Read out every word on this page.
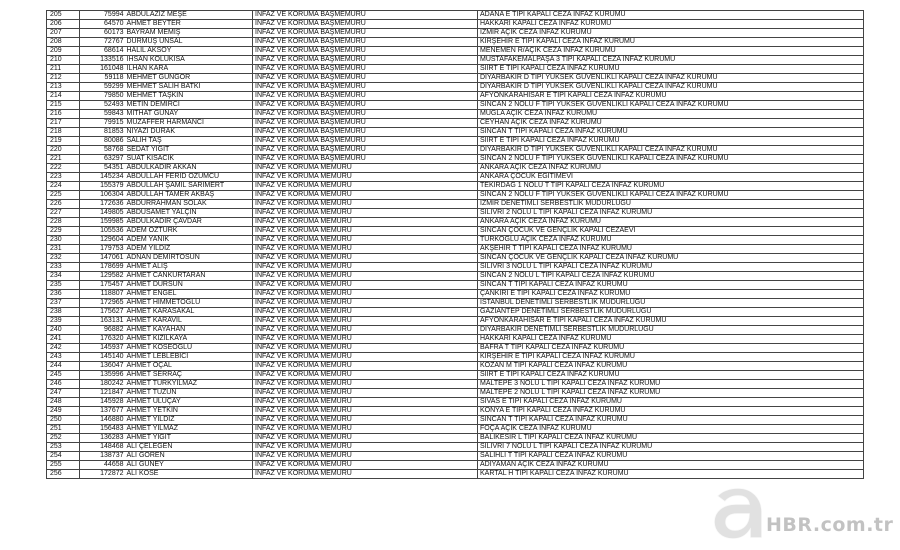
205	75994	ABDULAZİZ MEŞE	İNFAZ VE KORUMA BAŞMEMURU	ADANA E TİPİ KAPALI CEZA İNFAZ KURUMU
206	64570	AHMET BEYTER	İNFAZ VE KORUMA BAŞMEMURU	HAKKARİ KAPALI CEZA İNFAZ KURUMU
207	60173	BAYRAM MEMİŞ	İNFAZ VE KORUMA BAŞMEMURU	İZMİR AÇIK CEZA İNFAZ KURUMU
208	72767	DURMUŞ ÜNSAL	İNFAZ VE KORUMA BAŞMEMURU	KIRŞEHİR E TİPİ KAPALI CEZA İNFAZ KURUMU
209	68614	HALİL AKSOY	İNFAZ VE KORUMA BAŞMEMURU	MENEMEN R/AÇIK CEZA İNFAZ KURUMU
210	133516	İHSAN KOLUKISA	İNFAZ VE KORUMA BAŞMEMURU	MUSTAFAKEMALPAŞA 3 TİPİ KAPALI CEZA İNFAZ KURUMU
211	161048	İLHAN KARA	İNFAZ VE KORUMA BAŞMEMURU	SİİRT E TİPİ KAPALI CEZA İNFAZ KURUMU
212	59118	MEHMET GÜNGÖR	İNFAZ VE KORUMA BAŞMEMURU	DİYARBAKIR D TİPİ YÜKSEK GÜVENLİKLİ KAPALI CEZA İNFAZ KURUMU
213	59299	MEHMET SALİH BATKI	İNFAZ VE KORUMA BAŞMEMURU	DİYARBAKIR D TİPİ YÜKSEK GÜVENLİKLİ KAPALI CEZA İNFAZ KURUMU
214	79850	MEHMET TAŞKIN	İNFAZ VE KORUMA BAŞMEMURU	AFYONKARAHİSAR E TİPİ KAPALI CEZA İNFAZ KURUMU
215	52493	METİN DEMİRCİ	İNFAZ VE KORUMA BAŞMEMURU	SİNCAN 2 NOLU F TİPİ YÜKSEK GÜVENLİKLİ KAPALI CEZA İNFAZ KURUMU
216	59843	MİTHAT GÜNAY	İNFAZ VE KORUMA BAŞMEMURU	MUĞLA AÇIK CEZA İNFAZ KURUMU
217	79915	MUZAFFER HARMANCI	İNFAZ VE KORUMA BAŞMEMURU	CEYHAN AÇIK CEZA İNFAZ KURUMU
218	81853	NİYAZİ DURAK	İNFAZ VE KORUMA BAŞMEMURU	SİNCAN T TİPİ KAPALI CEZA İNFAZ KURUMU
219	80086	SALİH TAŞ	İNFAZ VE KORUMA BAŞMEMURU	SİİRT E TİPİ KAPALI CEZA İNFAZ KURUMU
220	58768	SEDAT YİĞİT	İNFAZ VE KORUMA BAŞMEMURU	DİYARBAKIR D TİPİ YÜKSEK GÜVENLİKLİ KAPALI CEZA İNFAZ KURUMU
221	63297	SUAT KISACIK	İNFAZ VE KORUMA BAŞMEMURU	SİNCAN 2 NOLU F TİPİ YÜKSEK GÜVENLİKLİ KAPALI CEZA İNFAZ KURUMU
222	54351	ABDULKADİR AKKAN	İNFAZ VE KORUMA MEMURU	ANKARA AÇIK CEZA İNFAZ KURUMU
223	145234	ABDULLAH FERİD ÖZÜMCÜ	İNFAZ VE KORUMA MEMURU	ANKARA ÇOCUK EĞİTİMEVİ
224	155379	ABDULLAH ŞAMİL SARIMERT	İNFAZ VE KORUMA MEMURU	TEKİRDAĞ 1 NOLU T TİPİ KAPALI CEZA İNFAZ KURUMU
225	106304	ABDULLAH TAMER AKBAŞ	İNFAZ VE KORUMA MEMURU	SİNCAN 2 NOLU F TİPİ YÜKSEK GÜVENLİKLİ KAPALI CEZA İNFAZ KURUMU
226	172636	ABDURRAHMAN SOLAK	İNFAZ VE KORUMA MEMURU	İZMİR DENETİMLİ SERBESTLİK MÜDÜRLÜĞÜ
227	149805	ABDUSAMET YALÇIN	İNFAZ VE KORUMA MEMURU	SİLİVRİ 2 NOLU L TİPİ KAPALI CEZA İNFAZ KURUMU
228	159985	ABDÜLKADİR ÇAVDAR	İNFAZ VE KORUMA MEMURU	ANKARA AÇIK CEZA İNFAZ KURUMU
229	105536	ADEM ÖZTÜRK	İNFAZ VE KORUMA MEMURU	SİNCAN ÇOCUK VE GENÇLİK KAPALI CEZAEVİ
230	129604	ADEM YANIK	İNFAZ VE KORUMA MEMURU	TÜRKOĞLU AÇIK CEZA İNFAZ KURUMU
231	179753	ADEM YILDIZ	İNFAZ VE KORUMA MEMURU	AKŞEHİR T TİPİ KAPALI CEZA İNFAZ KURUMU
232	147061	ADNAN DEMİRTOSUN	İNFAZ VE KORUMA MEMURU	SİNCAN ÇOCUK VE GENÇLİK KAPALI CEZA İNFAZ KURUMU
233	178699	AHMET ALIŞ	İNFAZ VE KORUMA MEMURU	SİLİVRİ 3 NOLU L TİPİ KAPALI CEZA İNFAZ KURUMU
234	129582	AHMET CANKURTARAN	İNFAZ VE KORUMA MEMURU	SİNCAN 2 NOLU L TİPİ KAPALI CEZA İNFAZ KURUMU
235	175457	AHMET DURSUN	İNFAZ VE KORUMA MEMURU	SİNCAN T TİPİ KAPALI CEZA İNFAZ KURUMU
236	118807	AHMET ENGEL	İNFAZ VE KORUMA MEMURU	ÇANKIRI E TİPİ KAPALI CEZA İNFAZ KURUMU
237	172965	AHMET HİMMETOĞLU	İNFAZ VE KORUMA MEMURU	İSTANBUL DENETİMLİ SERBESTLİK MÜDÜRLÜĞÜ
238	175627	AHMET KARASAKAL	İNFAZ VE KORUMA MEMURU	GAZİANTEP DENETİMLİ SERBESTLİK MÜDÜRLÜĞÜ
239	163131	AHMET KARAVİL	İNFAZ VE KORUMA MEMURU	AFYONKARAHİSAR E TİPİ KAPALI CEZA İNFAZ KURUMU
240	96882	AHMET KAYAHAN	İNFAZ VE KORUMA MEMURU	DİYARBAKIR DENETİMLİ SERBESTLİK MÜDÜRLÜĞÜ
241	176320	AHMET KIZILKAYA	İNFAZ VE KORUMA MEMURU	HAKKARİ KAPALI CEZA İNFAZ KURUMU
242	145937	AHMET KÖSEOĞLU	İNFAZ VE KORUMA MEMURU	BAFRA T TİPİ KAPALI CEZA İNFAZ KURUMU
243	145140	AHMET LEBLEBİCİ	İNFAZ VE KORUMA MEMURU	KIRŞEHİR E TİPİ KAPALI CEZA İNFAZ KURUMU
244	136047	AHMET ÖÇAL	İNFAZ VE KORUMA MEMURU	KOZAN M TİPİ KAPALI CEZA İNFAZ KURUMU
245	135996	AHMET SERRAÇ	İNFAZ VE KORUMA MEMURU	SİİRT E TİPİ KAPALI CEZA İNFAZ KURUMU
246	180242	AHMET TÜRKYILMAZ	İNFAZ VE KORUMA MEMURU	MALTEPE 3 NOLU L TİPİ KAPALI CEZA İNFAZ KURUMU
247	121847	AHMET TÜZÜN	İNFAZ VE KORUMA MEMURU	MALTEPE 2 NOLU L TİPİ KAPALI CEZA İNFAZ KURUMU
248	145928	AHMET ULUÇAY	İNFAZ VE KORUMA MEMURU	SİVAS E TİPİ KAPALI CEZA İNFAZ KURUMU
249	137677	AHMET YETKİN	İNFAZ VE KORUMA MEMURU	KONYA E TİPİ KAPALI CEZA İNFAZ KURUMU
250	146880	AHMET YILDIZ	İNFAZ VE KORUMA MEMURU	SİNCAN T TİPİ KAPALI CEZA İNFAZ KURUMU
251	156483	AHMET YILMAZ	İNFAZ VE KORUMA MEMURU	FOÇA AÇIK CEZA İNFAZ KURUMU
252	136283	AHMET YİĞİT	İNFAZ VE KORUMA MEMURU	BALIKESİR L TİPİ KAPALI CEZA İNFAZ KURUMU
253	148468	ALİ ÇELEĞEN	İNFAZ VE KORUMA MEMURU	SİLİVRİ 7 NOLU L TİPİ KAPALI CEZA İNFAZ KURUMU
254	138737	ALİ GÖREN	İNFAZ VE KORUMA MEMURU	SALİHLİ T TİPİ KAPALI CEZA İNFAZ KURUMU
255	44658	ALİ GÜNEY	İNFAZ VE KORUMA MEMURU	ADIYAMAN AÇIK CEZA İNFAZ KURUMU
256	172872	ALİ KÖSE	İNFAZ VE KORUMA MEMURU	KARTAL H TİPİ KAPALI CEZA İNFAZ KURUMU
HBR.com.tr
